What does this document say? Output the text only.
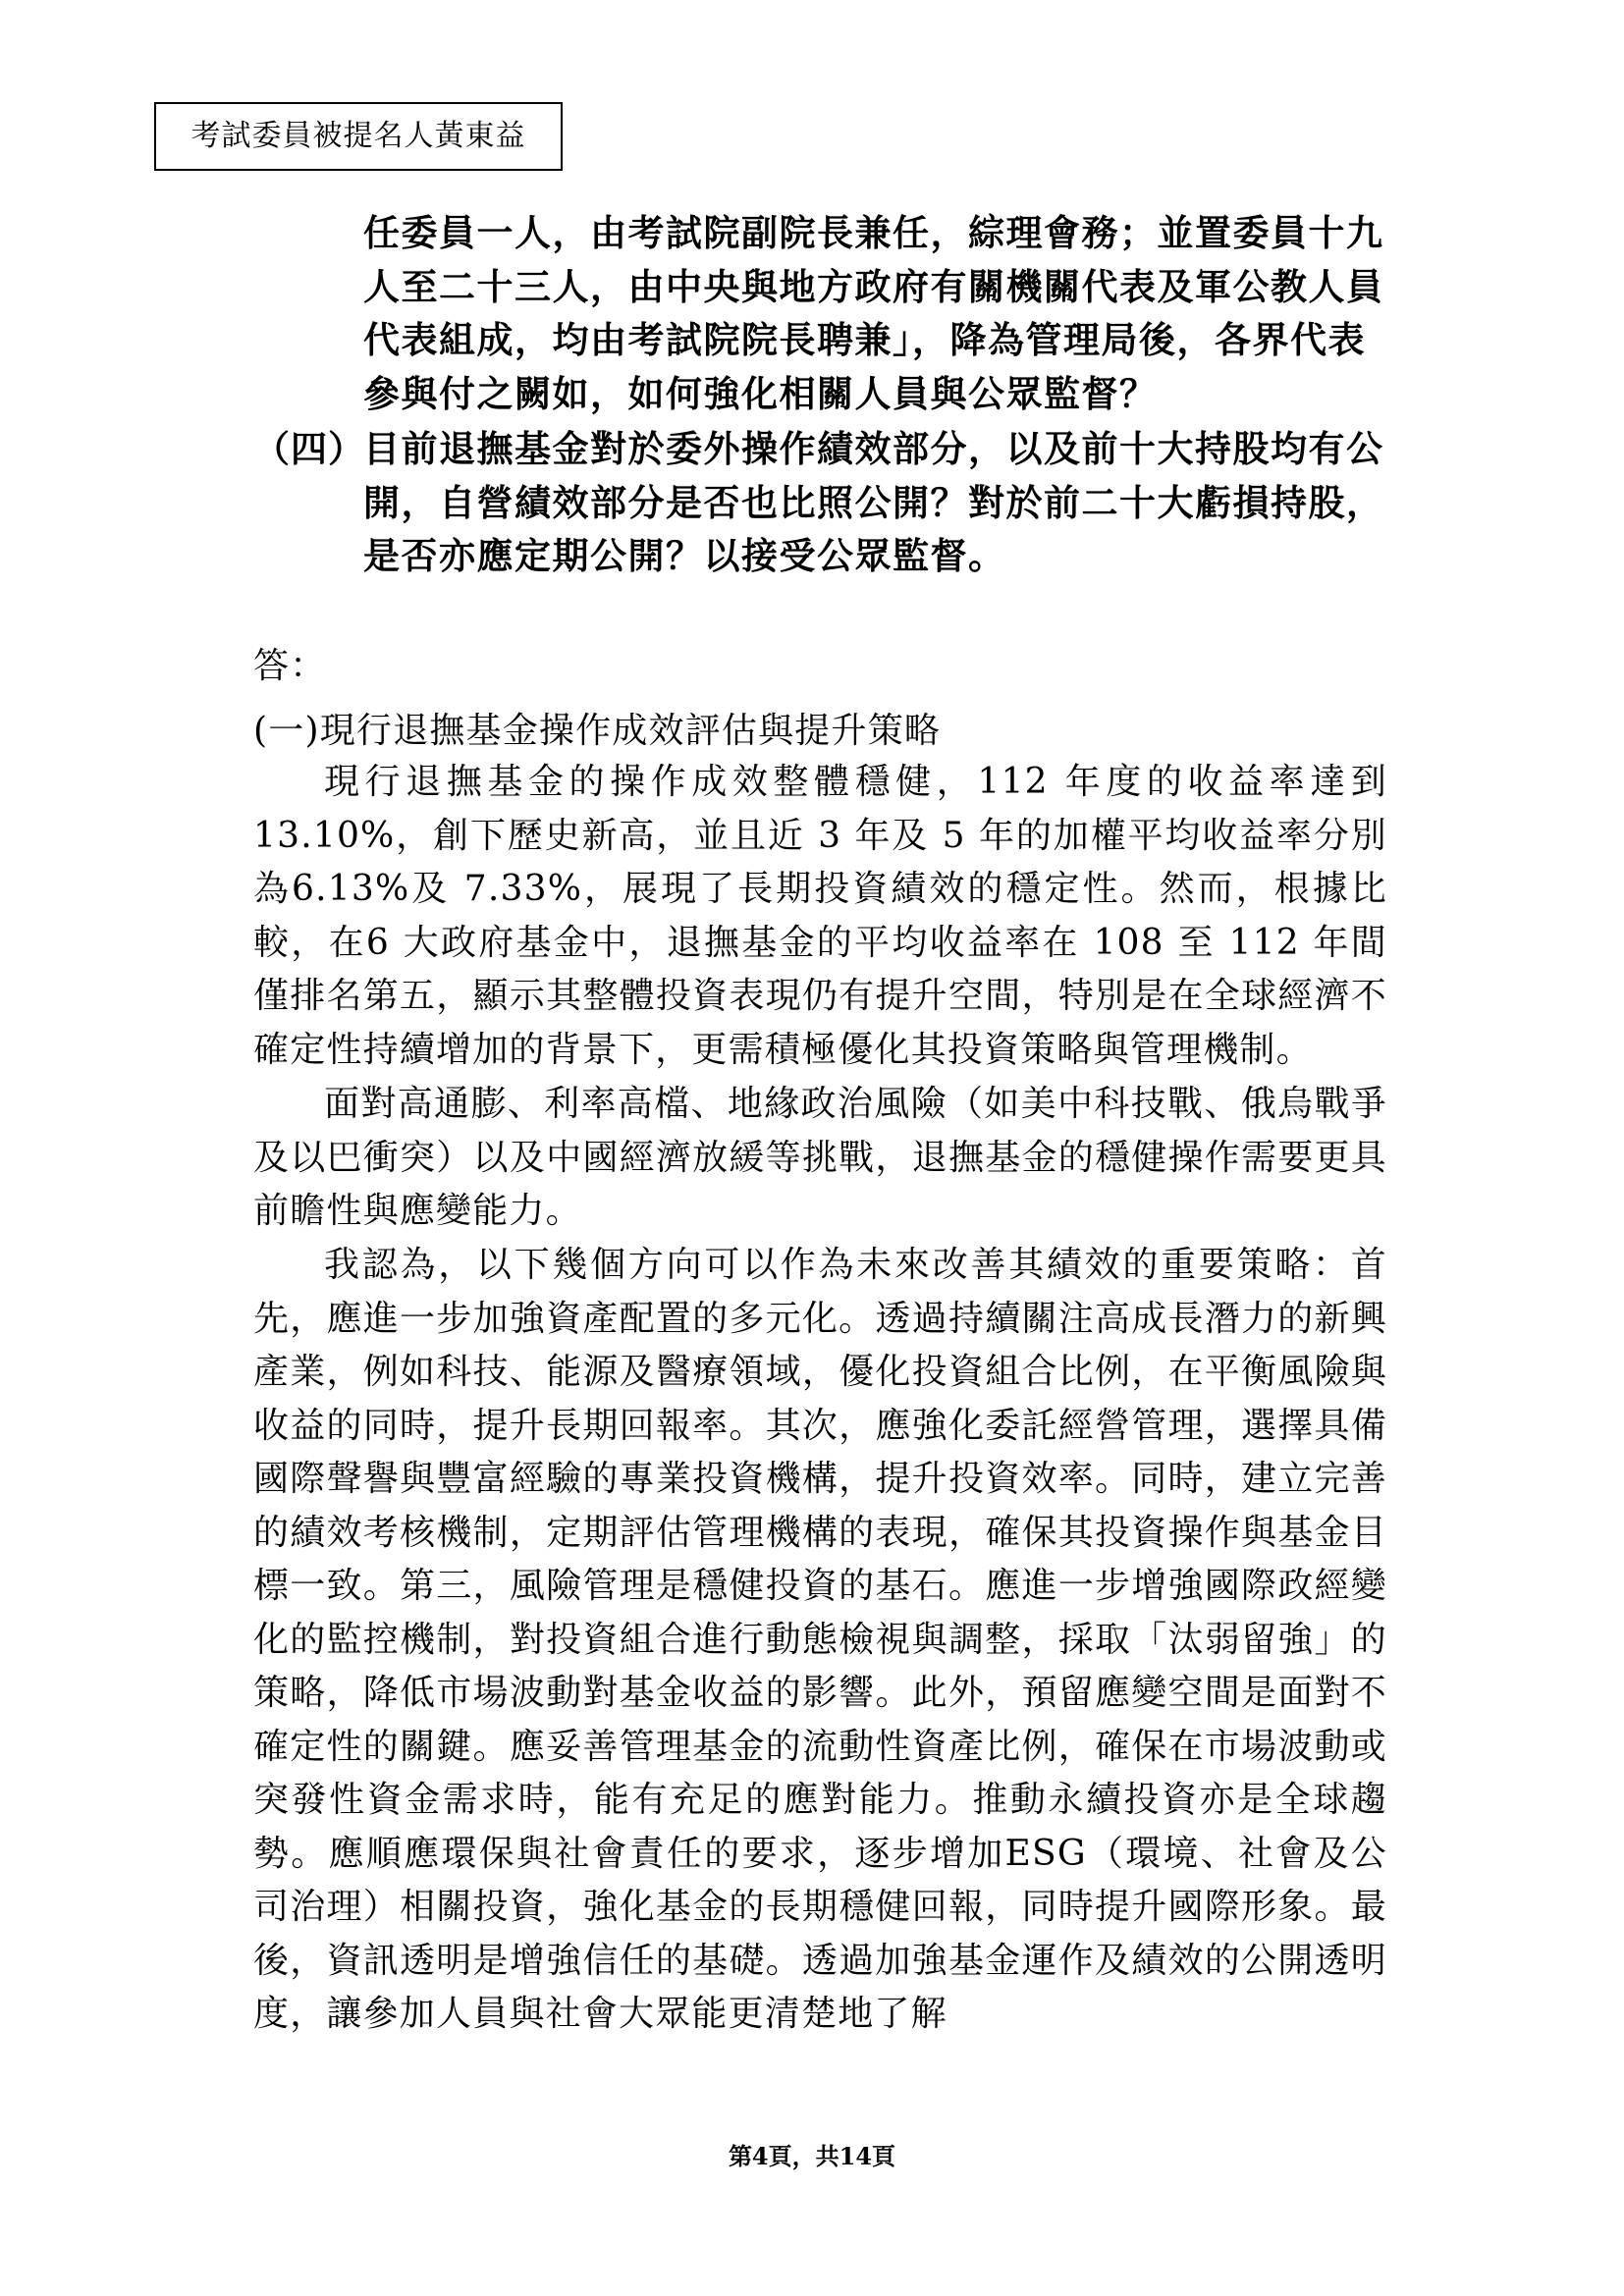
考試委員被提名人黃東益
任委員一人，由考試院副院長兼任，綜理會務；並置委員十九人至二十三人，由中央與地方政府有關機關代表及軍公教人員代表組成，均由考試院院長聘兼」，降為管理局後，各界代表參與付之闕如，如何強化相關人員與公眾監督？
（四）
目前退撫基金對於委外操作績效部分，以及前十大持股均有公開，自營績效部分是否也比照公開？對於前二十大虧損持股，是否亦應定期公開？以接受公眾監督。
答：
(一)現行退撫基金操作成效評估與提升策略
現行退撫基金的操作成效整體穩健，112 年度的收益率達到13.10%，創下歷史新高，並且近 3 年及 5 年的加權平均收益率分別為6.13%及 7.33%，展現了長期投資績效的穩定性。然而，根據比較，在6 大政府基金中，退撫基金的平均收益率在 108 至 112 年間僅排名第五，顯示其整體投資表現仍有提升空間，特別是在全球經濟不確定性持續增加的背景下，更需積極優化其投資策略與管理機制。
面對高通膨、利率高檔、地緣政治風險（如美中科技戰、俄烏戰爭及以巴衝突）以及中國經濟放緩等挑戰，退撫基金的穩健操作需要更具前瞻性與應變能力。
我認為，以下幾個方向可以作為未來改善其績效的重要策略：首先，應進一步加強資產配置的多元化。透過持續關注高成長潛力的新興產業，例如科技、能源及醫療領域，優化投資組合比例，在平衡風險與收益的同時，提升長期回報率。其次，應強化委託經營管理，選擇具備國際聲譽與豐富經驗的專業投資機構，提升投資效率。同時，建立完善的績效考核機制，定期評估管理機構的表現，確保其投資操作與基金目標一致。第三，風險管理是穩健投資的基石。應進一步增強國際政經變化的監控機制，對投資組合進行動態檢視與調整，採取「汰弱留強」的策略，降低市場波動對基金收益的影響。此外，預留應變空間是面對不確定性的關鍵。應妥善管理基金的流動性資產比例，確保在市場波動或突發性資金需求時，能有充足的應對能力。推動永續投資亦是全球趨勢。應順應環保與社會責任的要求，逐步增加ESG（環境、社會及公司治理）相關投資，強化基金的長期穩健回報，同時提升國際形象。最後，資訊透明是增強信任的基礎。透過加強基金運作及績效的公開透明度，讓參加人員與社會大眾能更清楚地了解
第4頁，共14頁
